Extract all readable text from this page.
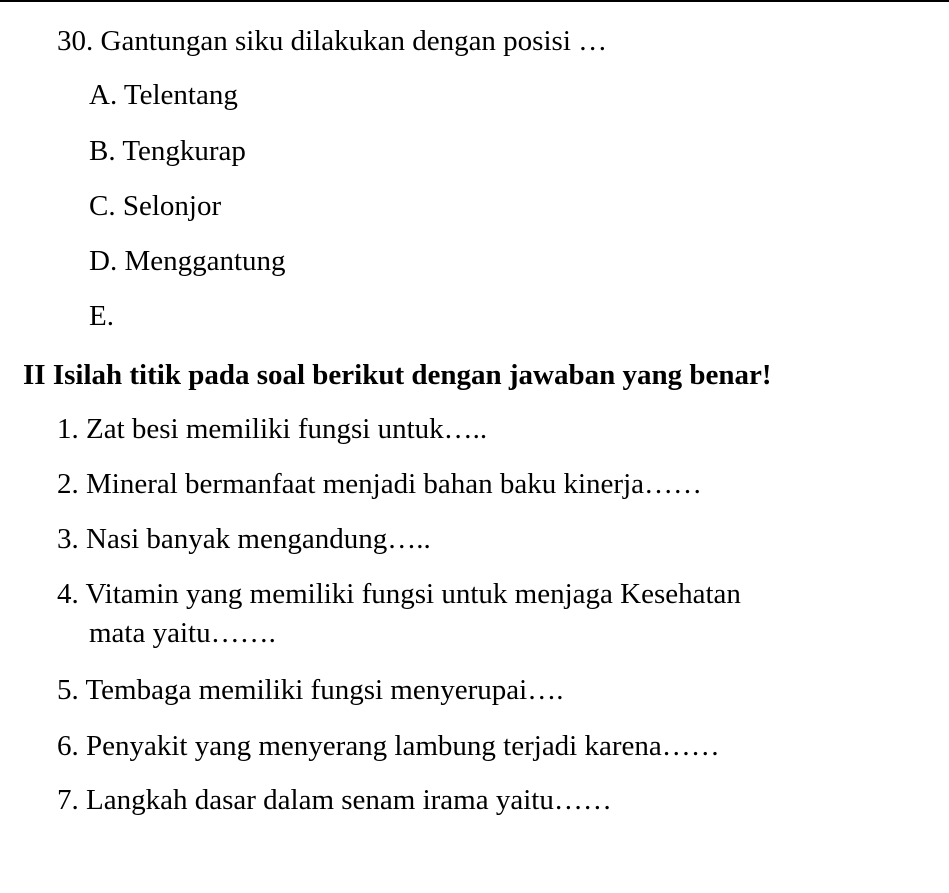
30. Gantungan siku dilakukan dengan posisi …
A. Telentang
B. Tengkurap
C. Selonjor
D. Menggantung
E.
II Isilah titik pada soal berikut dengan jawaban yang benar!
1. Zat besi memiliki fungsi untuk…..
2. Mineral bermanfaat menjadi bahan baku kinerja……
3. Nasi banyak mengandung…..
4. Vitamin yang memiliki fungsi untuk menjaga Kesehatan
mata yaitu…….
5. Tembaga memiliki fungsi menyerupai….
6. Penyakit yang menyerang lambung terjadi karena……
7. Langkah dasar dalam senam irama yaitu……
